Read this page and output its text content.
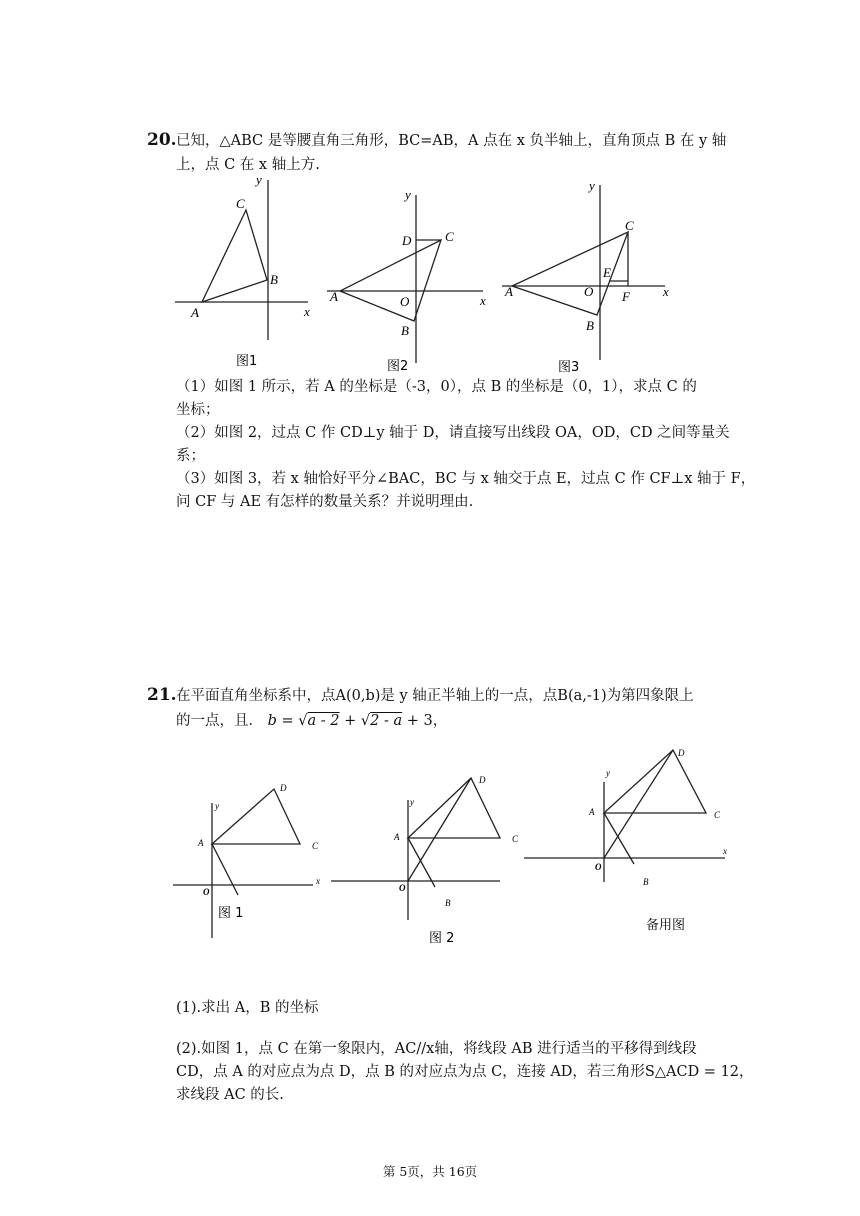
20. 已知，△ABC 是等腰直角三角形，BC=AB，A 点在 x 负半轴上，直角顶点 B 在 y 轴
上，点 C 在 x 轴上方.
x
y
A
B
C
图1
x
y
A
B
C
D
O
图2
x
y
A
B
C
E
F
O
图3
（1）如图 1 所示，若 A 的坐标是（-3，0），点 B 的坐标是（0，1），求点 C 的
坐标；
（2）如图 2，过点 C 作 CD⊥y 轴于 D，请直接写出线段 OA，OD，CD 之间等量关
系；
（3）如图 3，若 x 轴恰好平分∠BAC，BC 与 x 轴交于点 E，过点 C 作 CF⊥x 轴于 F，
问 CF 与 AE 有怎样的数量关系？并说明理由.
21. 在平面直角坐标系中，点A(0,b)是 y 轴正半轴上的一点，点B(a,-1)为第四象限上
的一点，且． b = √a - 2 + √2 - a + 3，
x
y
A	C
D
O
图 1
A
y
C
D
B
O
图 2
x
y
A	C
D
B
O
备用图
(1).求出 A，B 的坐标
(2).如图 1，点 C 在第一象限内，AC//x轴，将线段 AB 进行适当的平移得到线段
CD，点 A 的对应点为点 D，点 B 的对应点为点 C，连接 AD，若三角形S△ACD = 12，
求线段 AC 的长.
第 5页，共 16页
